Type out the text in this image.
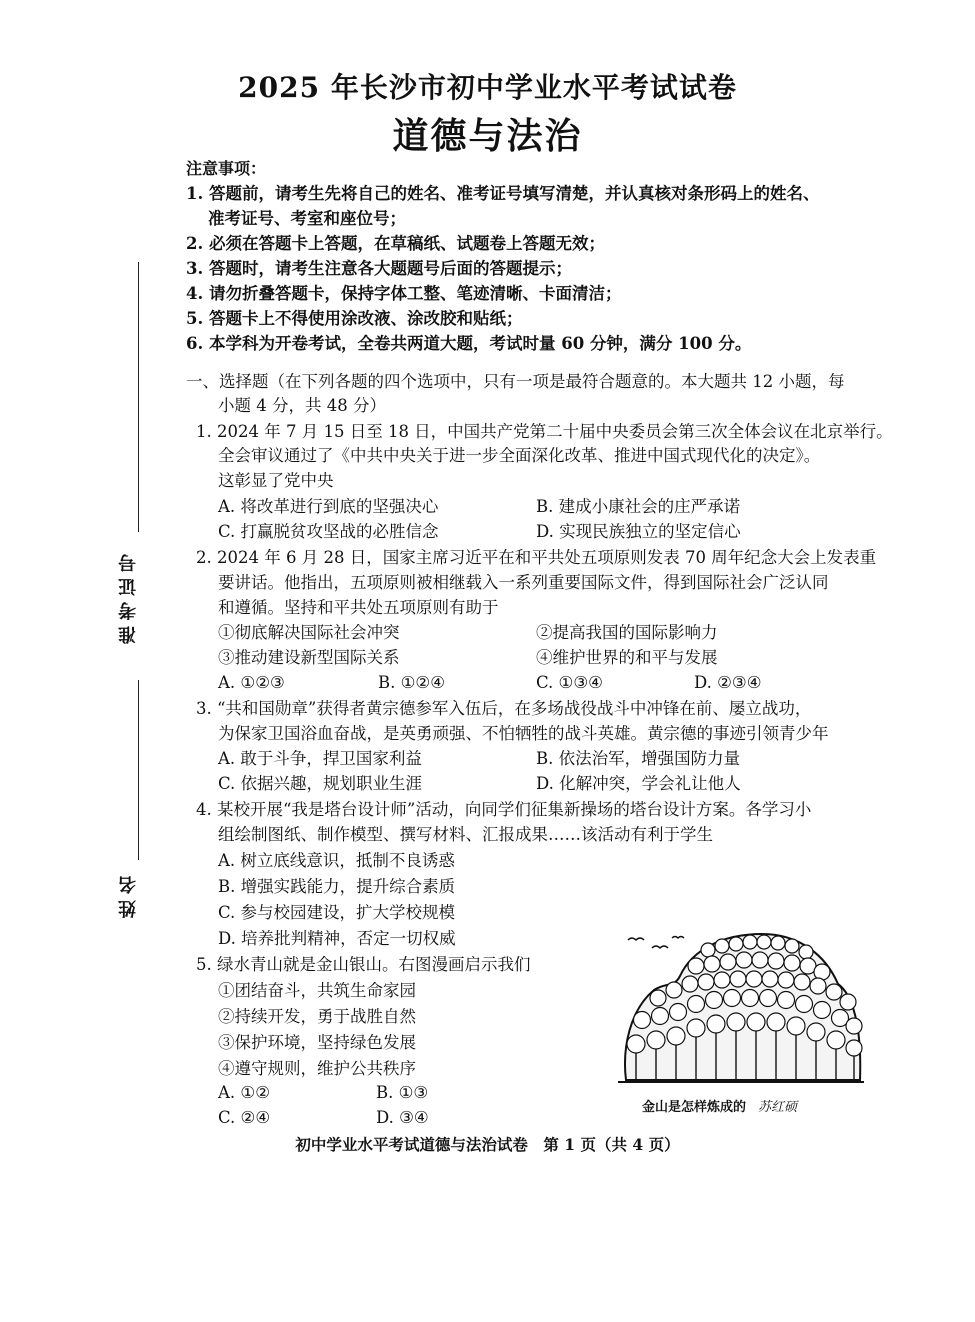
2025 年长沙市初中学业水平考试试卷
道德与法治
准考证号
姓名
注意事项：
1. 答题前，请考生先将自己的姓名、准考证号填写清楚，并认真核对条形码上的姓名、
准考证号、考室和座位号；
2. 必须在答题卡上答题，在草稿纸、试题卷上答题无效；
3. 答题时，请考生注意各大题题号后面的答题提示；
4. 请勿折叠答题卡，保持字体工整、笔迹清晰、卡面清洁；
5. 答题卡上不得使用涂改液、涂改胶和贴纸；
6. 本学科为开卷考试，全卷共两道大题，考试时量 60 分钟，满分 100 分。
一、选择题（在下列各题的四个选项中，只有一项是最符合题意的。本大题共 12 小题，每
小题 4 分，共 48 分）
1. 2024 年 7 月 15 日至 18 日，中国共产党第二十届中央委员会第三次全体会议在北京举行。
全会审议通过了《中共中央关于进一步全面深化改革、推进中国式现代化的决定》。
这彰显了党中央
A. 将改革进行到底的坚强决心	B. 建成小康社会的庄严承诺
C. 打赢脱贫攻坚战的必胜信念	D. 实现民族独立的坚定信心
2. 2024 年 6 月 28 日，国家主席习近平在和平共处五项原则发表 70 周年纪念大会上发表重
要讲话。他指出，五项原则被相继载入一系列重要国际文件，得到国际社会广泛认同
和遵循。坚持和平共处五项原则有助于
①彻底解决国际社会冲突	②提高我国的国际影响力
③推动建设新型国际关系	④维护世界的和平与发展
A. ①②③	B. ①②④	C. ①③④	D. ②③④
3. “共和国勋章”获得者黄宗德参军入伍后，在多场战役战斗中冲锋在前、屡立战功，
为保家卫国浴血奋战，是英勇顽强、不怕牺牲的战斗英雄。黄宗德的事迹引领青少年
A. 敢于斗争，捍卫国家利益	B. 依法治军，增强国防力量
C. 依据兴趣，规划职业生涯	D. 化解冲突，学会礼让他人
4. 某校开展“我是塔台设计师”活动，向同学们征集新操场的塔台设计方案。各学习小
组绘制图纸、制作模型、撰写材料、汇报成果……该活动有利于学生
A. 树立底线意识，抵制不良诱惑
B. 增强实践能力，提升综合素质
C. 参与校园建设，扩大学校规模
D. 培养批判精神，否定一切权威
5. 绿水青山就是金山银山。右图漫画启示我们
①团结奋斗，共筑生命家园
②持续开发，勇于战胜自然
③保护环境，坚持绿色发展
④遵守规则，维护公共秩序
A. ①②	B. ①③
C. ②④	D. ③④
金山是怎样炼成的 苏红硕
初中学业水平考试道德与法治试卷　第 1 页（共 4 页）
